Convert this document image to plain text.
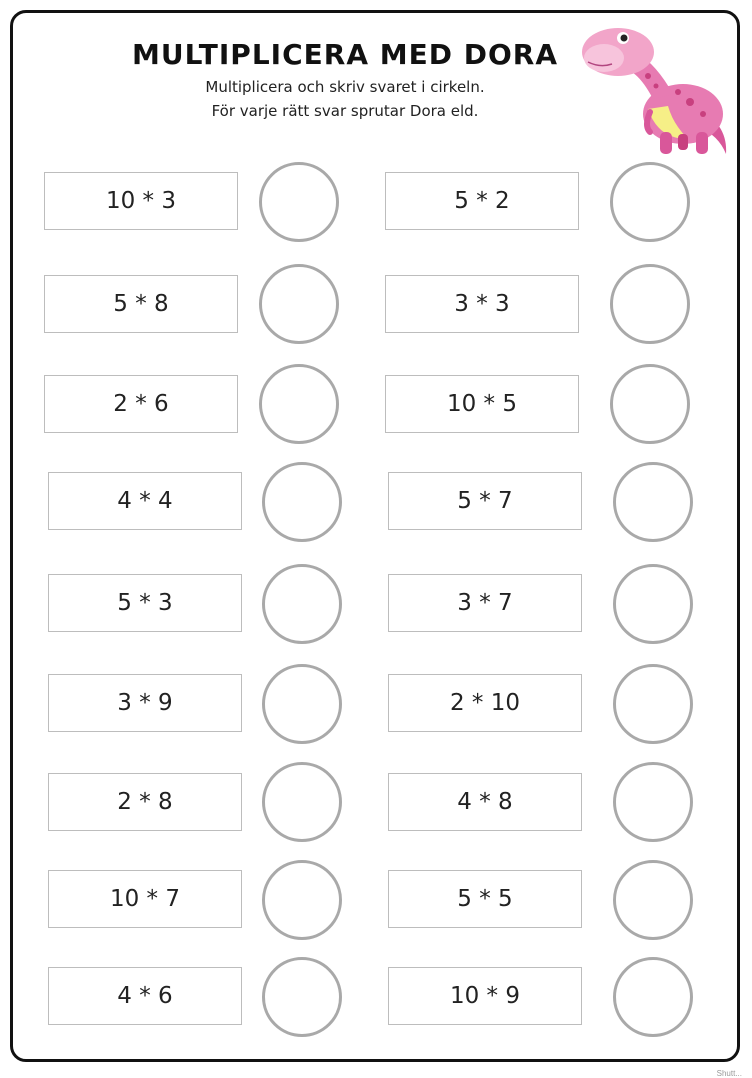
MULTIPLICERA MED DORA
Multiplicera och skriv svaret i cirkeln.
För varje rätt svar sprutar Dora eld.
10 * 3
5 * 8
2 * 6
4 * 4
5 * 3
3 * 9
2 * 8
10 * 7
4 * 6
5 * 2
3 * 3
10 * 5
5 * 7
3 * 7
2 * 10
4 * 8
5 * 5
10 * 9
Shutt...
